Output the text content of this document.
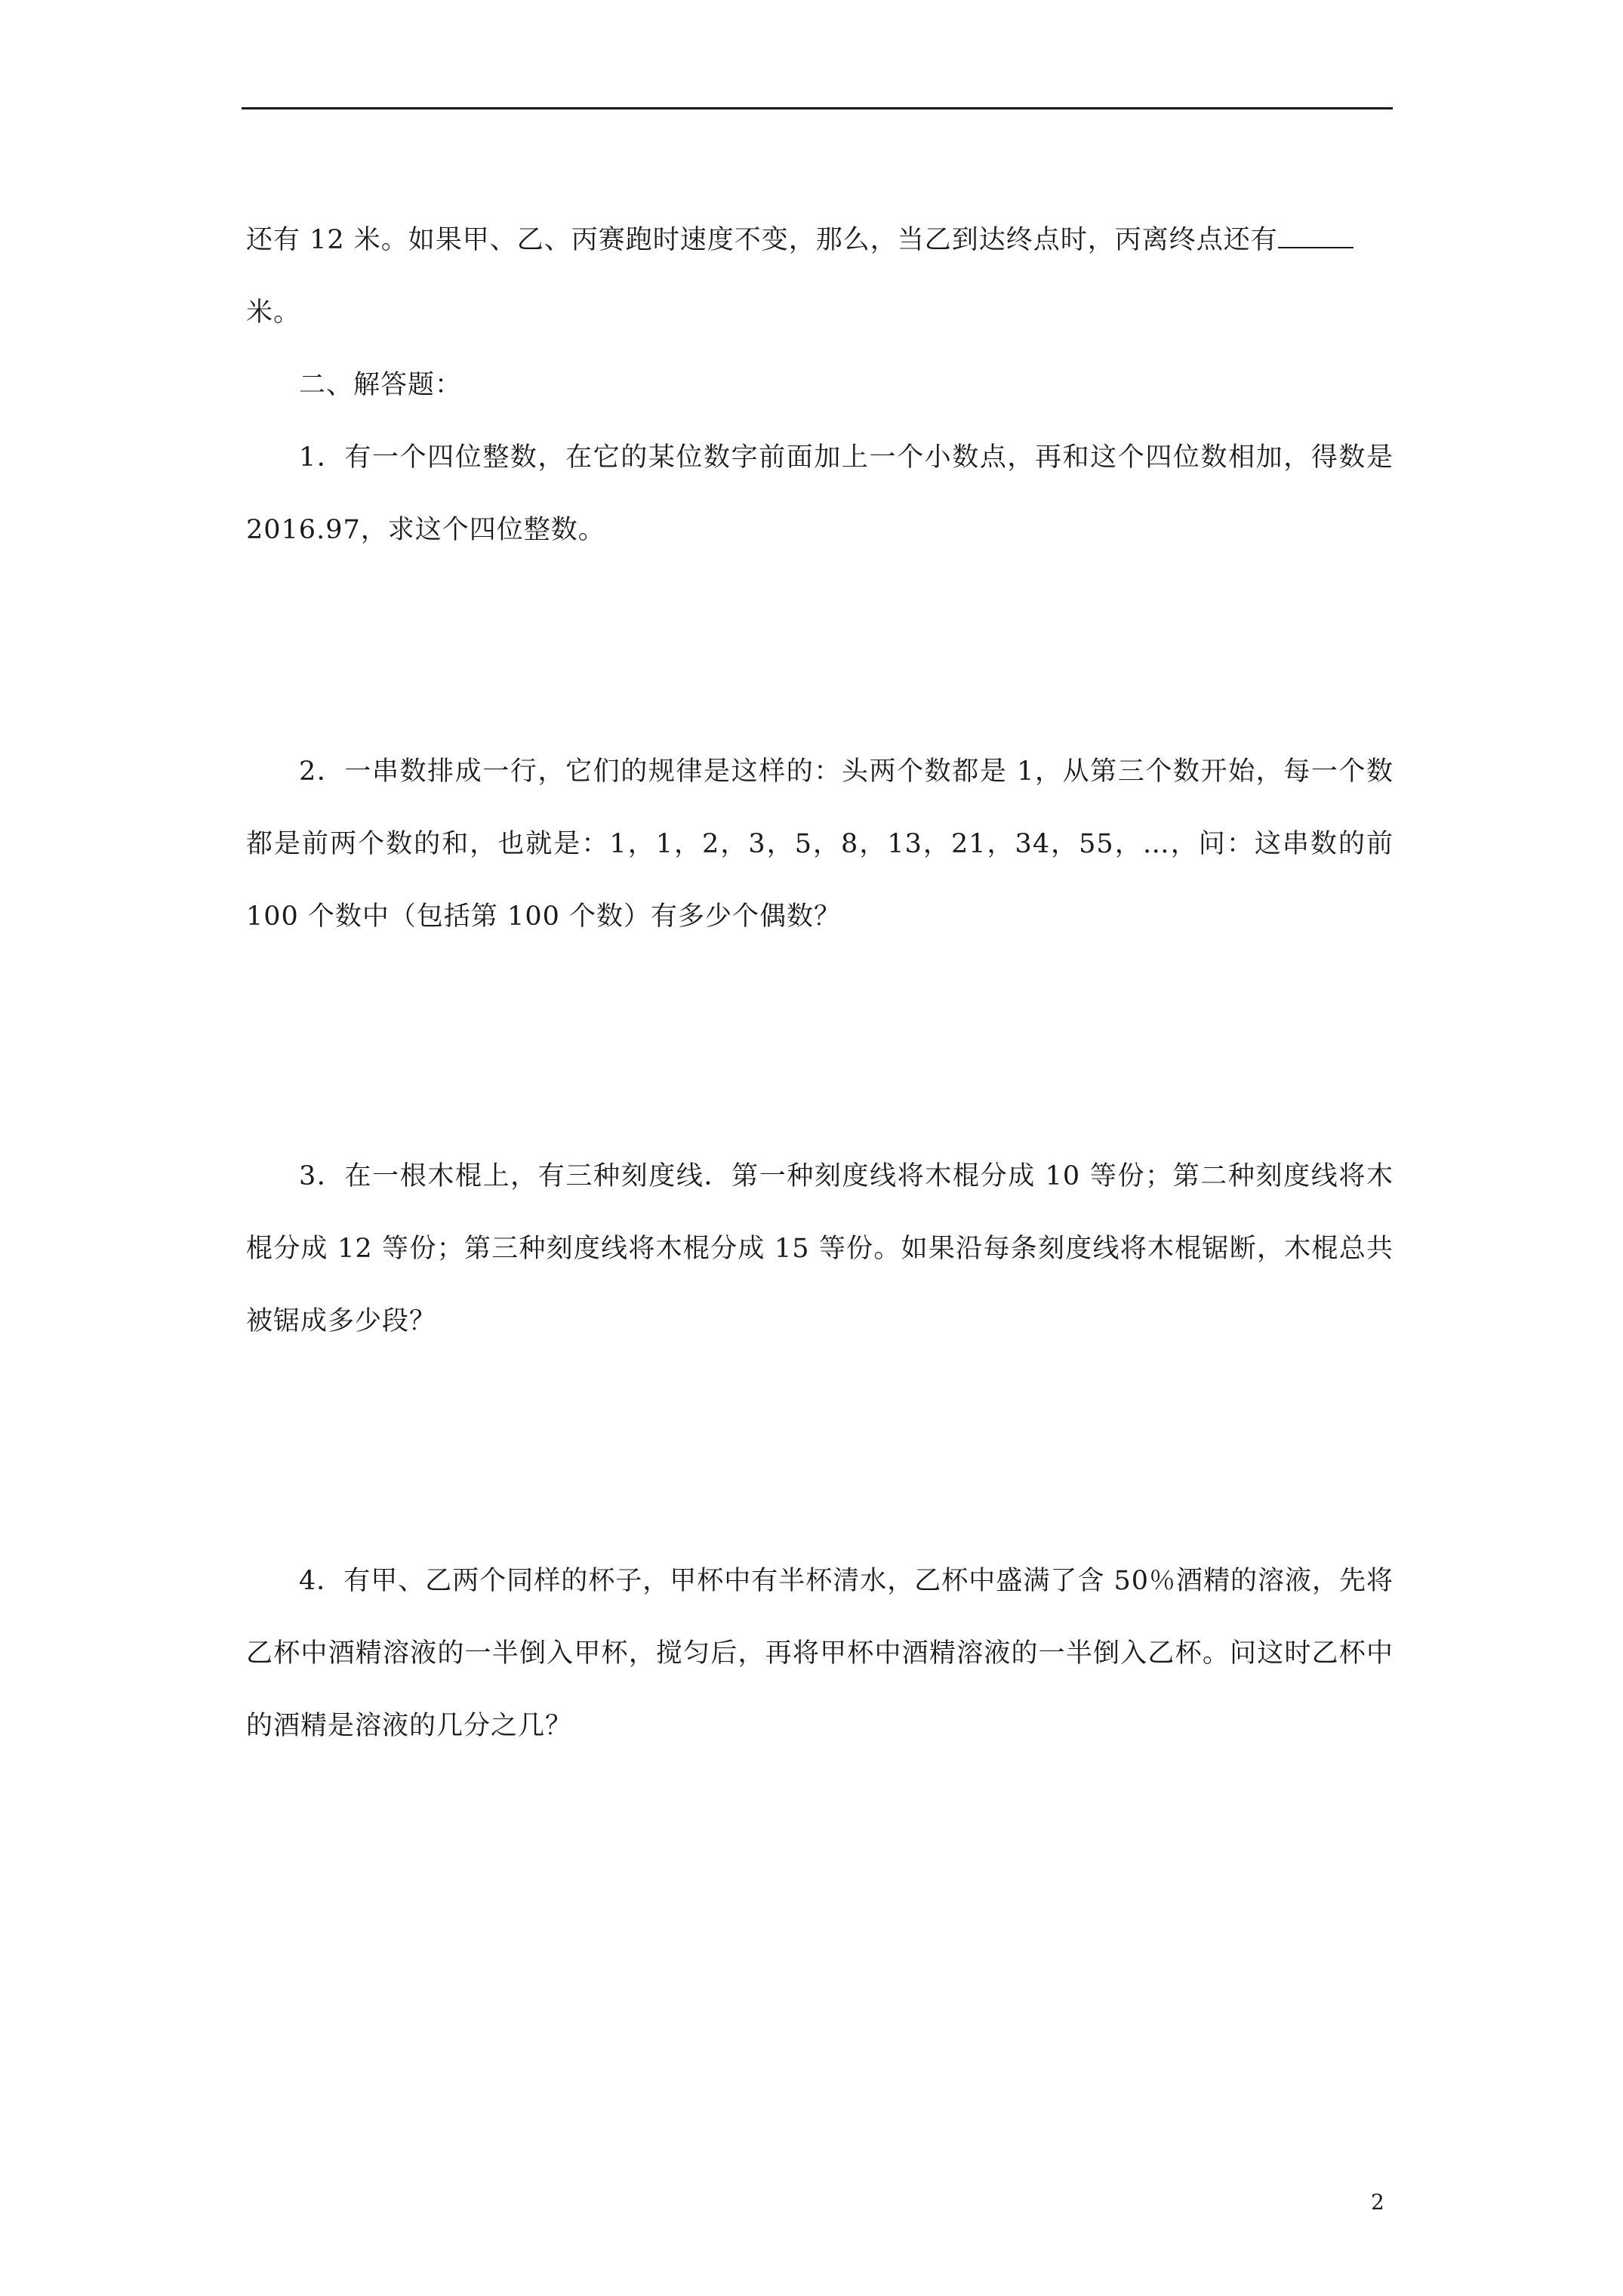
还有 12 米。如果甲、乙、丙赛跑时速度不变，那么，当乙到达终点时，丙离终点还有
米。

二、解答题：

1．有一个四位整数，在它的某位数字前面加上一个小数点，再和这个四位数相加，得数是 2016.97，求这个四位整数。

2．一串数排成一行，它们的规律是这样的：头两个数都是 1，从第三个数开始，每一个数都是前两个数的和，也就是：1，1，2，3，5，8，13，21，34，55，…，问：这串数的前 100 个数中（包括第 100 个数）有多少个偶数？

3．在一根木棍上，有三种刻度线．第一种刻度线将木棍分成 10 等份；第二种刻度线将木棍分成 12 等份；第三种刻度线将木棍分成 15 等份。如果沿每条刻度线将木棍锯断，木棍总共被锯成多少段？

4．有甲、乙两个同样的杯子，甲杯中有半杯清水，乙杯中盛满了含 50％酒精的溶液，先将乙杯中酒精溶液的一半倒入甲杯，搅匀后，再将甲杯中酒精溶液的一半倒入乙杯。问这时乙杯中的酒精是溶液的几分之几？

2
